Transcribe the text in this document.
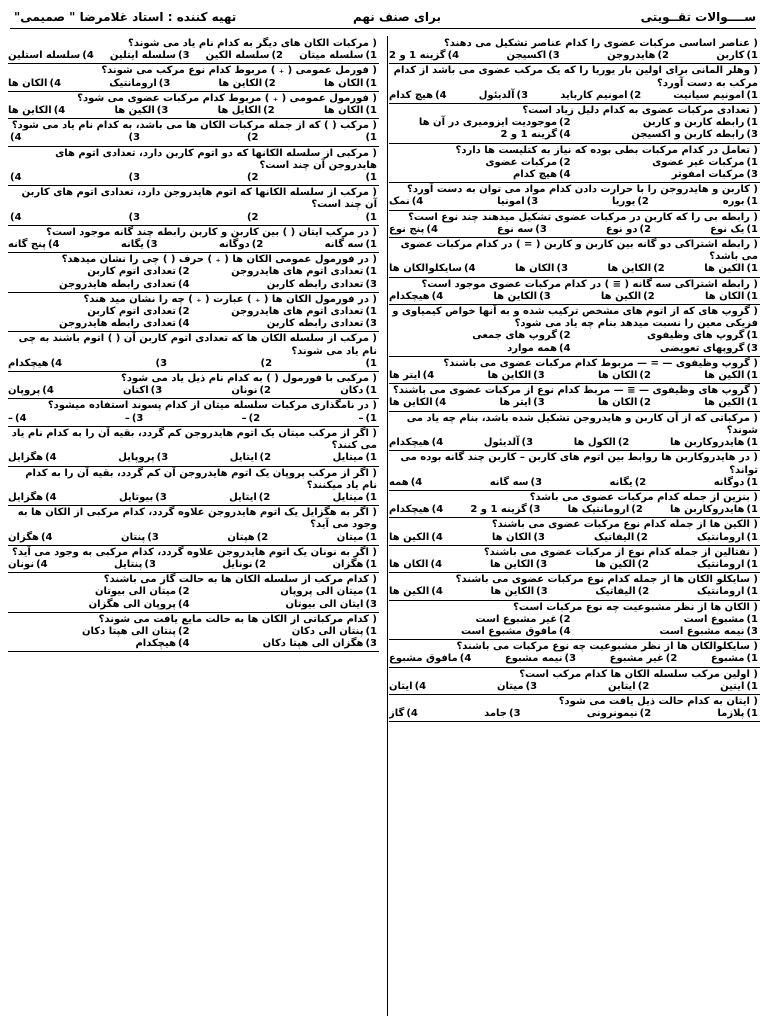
ســــوالات تقــویتی
برای صنف نهم
تهیه کننده : استاد غلامرضا " صمیمی"
( عناصر اساسی مرکبات عضوی را کدام عناصر تشکیل می دهند؟
1)کاربن
2)هایدروجن
3)اکسیجن
4)گزینه 1 و 2
( وهلر المانی برای اولین بار یوریا را که یک مرکب عضوی می باشد از کدام مرکب به دست آورد؟
1)امونیم سیانیت
2)امونیم کارباید
3)آلدیئول
4)هیچ کدام
( تعدادی مرکبات عضوی به کدام دلیل زیاد است؟
1)رابطه کاربن و کاربن
2)موجودیت ایزومیری در آن ها
3)رابطه کاربن و اکسیجن
4)گزینه 1 و 2
( تعامل در کدام مرکبات بطی بوده که نیاز به کتلیست ها دارد؟
1)مرکبات غیر عضوی
2)مرکبات عضوی
3)مرکبات امفوتر
4)هیچ کدام
( کاربن و هایدروجن را با حرارت دادن کدام مواد می توان به دست آورد؟
1)بوره
2)یوریا
3)امونیا
4)نمک
( رابطه بی را که کاربن در مرکبات عضوی تشکیل میدهند چند نوع است؟
1)یک نوع
2)دو نوع
3)سه نوع
4)پنج نوع
( رابطه اشتراکی دو گانه بین کاربن و کاربن ( = ) در کدام مرکبات عضوی می باشد؟
1)الکین ها
2)الکاین ها
3)الکان ها
4)سایکلوالکان ها
( رابطه اشتراکی سه گانه ( ≡ ) در کدام مرکبات عضوی موجود است؟
1)الکان ها
2)الکین ها
3)الکاین ها
4)هیچکدام
( گروپ های که از اتوم های مشخص ترکیب شده و به آنها خواص کیمیاوی و فزیکی معین را نسبت میدهد بنام چه یاد می شود؟
1)گروپ های وظیفوی
2)گروپ های جمعی
3)گروپهای تعویضی
4)همه موارد
( گروپ وظیفوی — = — مربوط کدام مرکبات عضوی می باشند؟
1)الکین ها
2)الکان ها
3)الکاین ها
4)ایتر ها
( گروپ های وظیفوی — ≡ — مربط کدام نوع از مرکبات عضوی می باشند؟
1)الکین ها
2)الکان ها
3)ایتر ها
4)الکاین ها
( مرکباتی که از آن کاربن و هایدروجن تشکیل شده باشد، بنام چه یاد می شوند؟
1)هایدروکاربن ها
2)الکول ها
3)آلدیئول
4)هیچکدام
( در هایدروکاربن ها روابط بین اتوم های کاربن – کاربن چند گانه بوده می تواند؟
1)دوگانه
2)یگانه
3)سه گانه
4)همه
( بنزین از جمله کدام مرکبات عضوی می باشد؟
1)هایدروکاربن ها
2)ارومانتیک ها
3)گزینه 1 و 2
4)هیچکدام
( الکین ها از جمله کدام نوع مرکبات عضوی می باشند؟
1)ارومانتیک
2)الیفاتیک
3)الکان ها
4)الکین ها
( نفتالین از جمله کدام نوع از مرکبات عضوی می باشند؟
1)ارومانتیک
2)الکین ها
3)الکاین ها
4)الکان ها
( سایکلو الکان ها از جمله کدام نوع مرکبات عضوی می باشند؟
1)ارومانتیک
2)الیفاتیک
3)الکاین ها
4)الکین ها
( الکان ها از نظر مشبوعیت چه نوع مرکبات است؟
1)مشبوع است
2)غیر مشبوع است
3)نیمه مشبوع است
4)مافوق مشبوع است
( سایکلوالکان ها از نظر مشبوعیت چه نوع مرکبات می باشند؟
1)مشبوع
2)غیر مشبوع
3)نیمه مشبوع
4)مافوق مشبوع
( اولین مرکب سلسله الکان ها کدام مرکب است؟
1)ایتین
2)ایتاین
3)میتان
4)ایتان
( ایتان به کدام حالت ذیل یافت می شود؟
1)پلازما
2)نیمونرونی
3)جامد
4)گاز
( مرکبات الکان های دیگر به کدام نام یاد می شوند؟
1)سلسله میتان
2)سلسله الکین
3)سلسله ایتلین
4)سلسله استلین
( فورمل عمومی ( ₊ ) مربوط کدام نوع مرکب می شوند؟
1)الکان ها
2)الکاین ها
3)ارومانتیک
4)الکان ها
( فورمول عمومی ( ₊ ) مربوط کدام مرکبات عضوی می شود؟
1)الکان ها
2)الکایل ها
3)الکین ها
4)الکاین ها
( مرکب ( ) که از جمله مرکبات الکان ها می باشد، به کدام نام یاد می شود؟
1)
2)
3)
4)
( مرکبی از سلسله الکانها که دو اتوم کاربن دارد، تعدادی اتوم های هایدروجن آن چند است؟
1)
2)
3)
4)
( مرکب از سلسله الکانها که اتوم هایدروجن دارد، تعدادی اتوم های کاربن آن چند است؟
1)
2)
3)
4)
( در مرکب ایتان ( ) بین کاربن و کاربن رابطه چند گانه موجود است؟
1)سه گانه
2)دوگانه
3)یگانه
4)پنج گانه
( در فورمول عمومی الکان ها ( ₊ ) حرف ( ) چی را نشان میدهد؟
1)تعدادی اتوم های هایدروجن
2)تعدادی اتوم کاربن
3)تعدادی رابطه کاربن
4)تعدادی رابطه هایدروجن
( در فورمول الکان ها ( ₊ ) عبارت ( ₊ ) چه را نشان مید هند؟
1)تعدادی اتوم های هایدروجن
2)تعدادی اتوم کاربن
3)تعدادی رابطه کاربن
4)تعدادی رابطه هایدروجن
( مرکب از سلسله الکان ها که تعدادی اتوم کاربن آن ( ) اتوم باشند به چی نام یاد می شوند؟
1)
2)
3)
4)هیچکدام
( مرکبی با فورمول ( ) به کدام نام ذیل یاد می شود؟
1)دکان
2)نونان
3)اکتان
4)پروپان
( در نامگذاری مرکبات سلسله میتان از کدام پسوند استفاده میشود؟
1)–
2)–
3)–
4)–
( اگر از مرکب میتان یک اتوم هایدروجن کم گردد، بقیه آن را به کدام نام یاد می کنند؟
1)میتایل
2)ایتایل
3)پروپایل
4)هگزایل
( اگر از مرکب پروپان یک اتوم هایدروجن آن کم گردد، بقیه آن را به کدام نام یاد میکنند؟
1)میتایل
2)ایتایل
3)بیوتایل
4)هگزایل
( اگر به هگزایل یک اتوم هایدروجن علاوه گردد، کدام مرکبی از الکان ها به وجود می آید؟
1)میتان
2)هپتان
3)پنتان
4)هگزان
( اگر به نونان یک اتوم هایدروجن علاوه گردد، کدام مرکبی به وجود می آید؟
1)هگزان
2)نونایل
3)پنتایل
4)نونان
( کدام مرکب از سلسله الکان ها به حالت گاز می باشند؟
1)میتان الی پروپان
2)میتان الی بیوتان
3)ایتان الی بیوتان
4)پروپان الی هگزان
( کدام مرکباتی از الکان ها به حالت مایع یافت می شوند؟
1)پنتان الی دکان
2)پنتان الی هپتا دکان
3)هگزان الی هپتا دکان
4)هیچکدام
